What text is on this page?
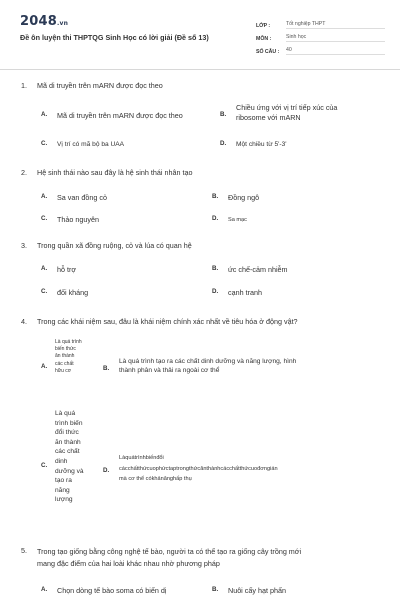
2048.vn
Đề ôn luyện thi THPTQG Sinh Học có lời giải (Đề số 13)
LỚP :	Tốt nghiệp THPT
MÔN :	Sinh học
SỐ CÂU :	40
1. Mã di truyền trên mARN được đọc theo
A. Mã di truyền trên mARN được đọc theo	B.
Chiều ứng với vị trí tiếp xúc của
ribosome với mARN
C. Vị trí có mã bộ ba UAA	D. Một chiều từ 5'-3'
2. Hệ sinh thái nào sau đây là hệ sinh thái nhân tạo
A. Sa van đồng cỏ	B. Đồng ngô
C. Thảo nguyên	D. Sa mạc
3. Trong quần xã đồng ruộng, cỏ và lúa có quan hệ
A. hỗ trợ	B. ức chế-cảm nhiễm
C. đối kháng	D. cạnh tranh
4. Trong các khái niệm sau, đâu là khái niệm chính xác nhất về tiêu hóa ở động vật?
A.
Là quá trình
biến thức
ăn thành
các chất
hữu cơ	B.
Là quá trình tạo ra các chất dinh dưỡng và năng lượng, hình
thành phân và thải ra ngoài cơ thể
C.
Là quá
trình biến
đổi thức
ăn thành
các chất
dinh
dưỡng và
tạo ra
năng
lượng
D.
Làquátrìnhbiếnđổi
cácchấtthứcuophứctaptrongthứcănthànhcácchấtthứcuođơngián
mà cơ thể cókhảnănghấp thụ
5. Trong tạo giống bằng công nghệ tế bào, người ta có thể tạo ra giống cây trồng mới
mang đặc điểm của hai loài khác nhau nhờ phương pháp
A. Chọn dòng tế bào soma có biến dị	B. Nuôi cấy hạt phấn
